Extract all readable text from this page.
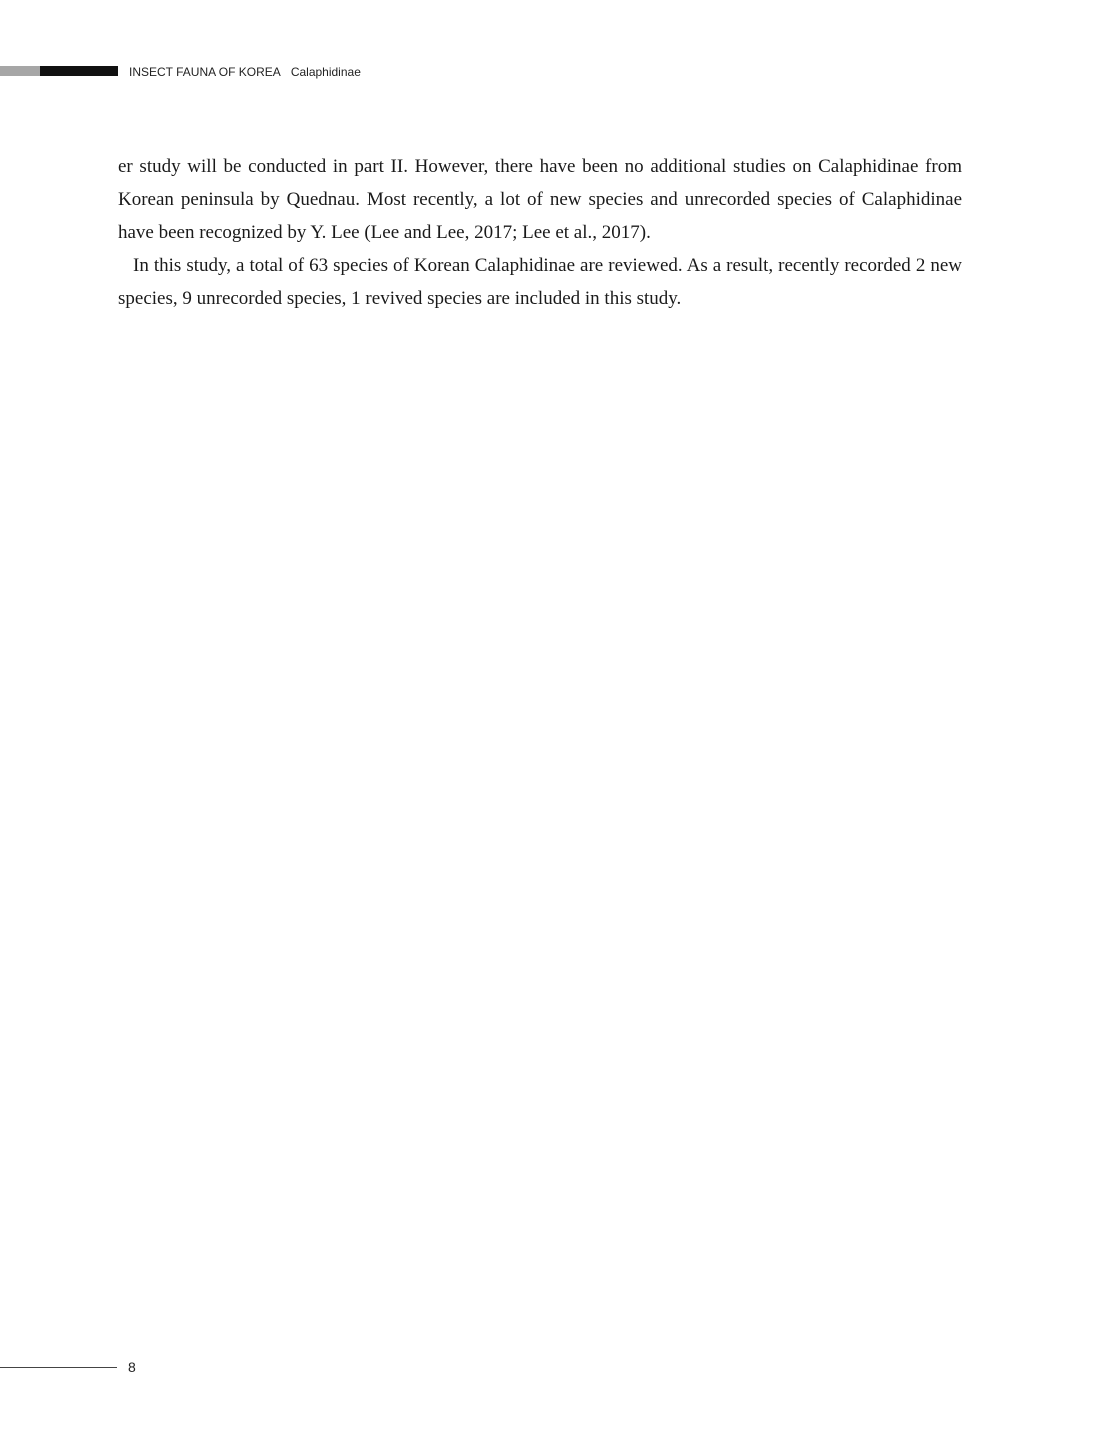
INSECT FAUNA OF KOREA Calaphidinae

er study will be conducted in part II. However, there have been no additional studies on Calaphidinae from Korean peninsula by Quednau. Most recently, a lot of new species and unrecorded species of Calaphidinae have been recognized by Y. Lee (Lee and Lee, 2017; Lee et al., 2017).

In this study, a total of 63 species of Korean Calaphidinae are reviewed. As a result, recently recorded 2 new species, 9 unrecorded species, 1 revived species are included in this study.

8
